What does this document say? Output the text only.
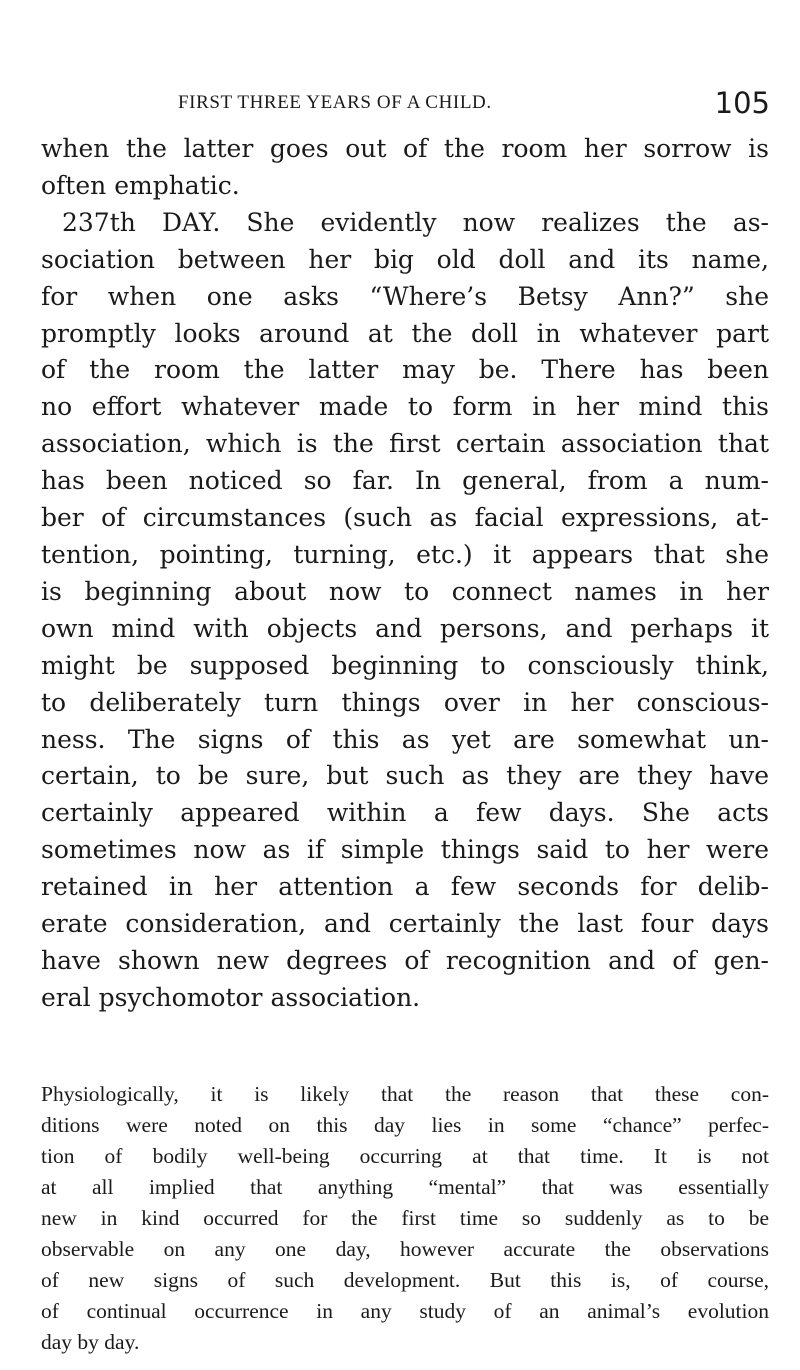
FIRST THREE YEARS OF A CHILD.	105
when the latter goes out of the room her sorrow is
often emphatic.
237th DAY. She evidently now realizes the as-
sociation between her big old doll and its name,
for when one asks “Where’s Betsy Ann?” she
promptly looks around at the doll in whatever part
of the room the latter may be. There has been
no effort whatever made to form in her mind this
association, which is the first certain association that
has been noticed so far. In general, from a num-
ber of circumstances (such as facial expressions, at-
tention, pointing, turning, etc.) it appears that she
is beginning about now to connect names in her
own mind with objects and persons, and perhaps it
might be supposed beginning to consciously think,
to deliberately turn things over in her conscious-
ness. The signs of this as yet are somewhat un-
certain, to be sure, but such as they are they have
certainly appeared within a few days. She acts
sometimes now as if simple things said to her were
retained in her attention a few seconds for delib-
erate consideration, and certainly the last four days
have shown new degrees of recognition and of gen-
eral psychomotor association.
Physiologically, it is likely that the reason that these con-
ditions were noted on this day lies in some “chance” perfec-
tion of bodily well-being occurring at that time. It is not
at all implied that anything “mental” that was essentially
new in kind occurred for the first time so suddenly as to be
observable on any one day, however accurate the observations
of new signs of such development. But this is, of course,
of continual occurrence in any study of an animal’s evolution
day by day.
